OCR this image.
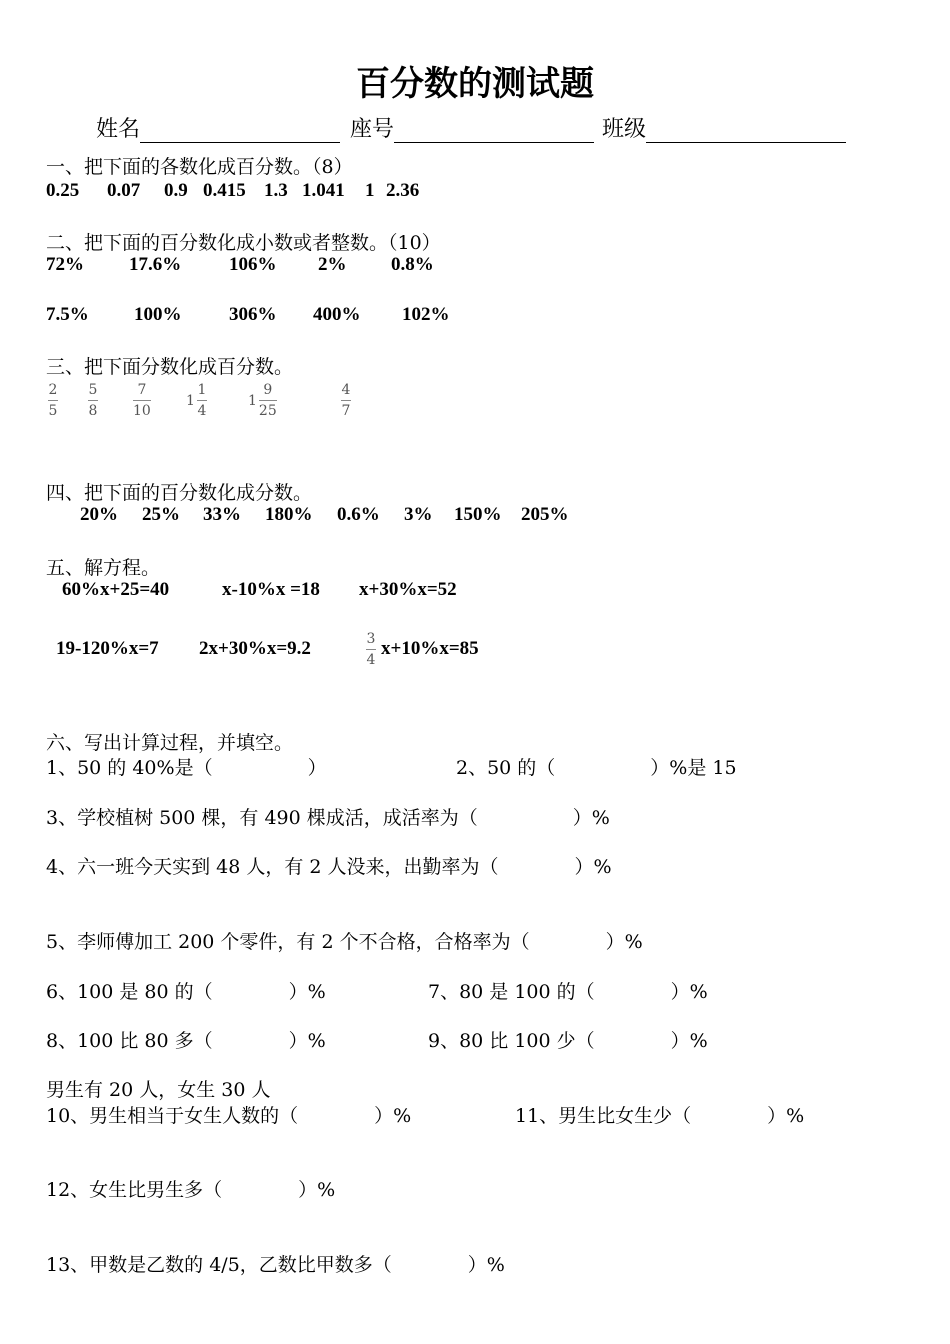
百分数的测试题
姓名	座号	班级
一、把下面的各数化成百分数。（8）
0.25 0.07 0.9 0.415 1.3 1.041 1 2.36
二、把下面的百分数化成小数或者整数。（10）
72% 17.6%	106% 2% 0.8%
7.5% 100%	306% 400% 102%
三、把下面分数化成百分数。
$\frac{2}{5} \frac{5}{8}$	$\frac{7}{10}$	$1 \frac{1}{4}$	$1 \frac{9}{25}$	$\frac{4}{7}$
四、把下面的百分数化成分数。
20% 25% 33% 180% 0.6% 3% 150% 205%
五、解方程。
60%x+25=40	x-10%x =18 x+30%x=52
19-120%x=7 2x+30%x=9.2	$\frac{3}{4} x+10\%x=85$
六、写出计算过程，并填空。
1、50 的 40%是（　　　　　）	2、50 的（　　　　　）%是 15
3、学校植树 500 棵，有 490 棵成活，成活率为（　　　　　）%
4、六一班今天实到 48 人，有 2 人没来，出勤率为（　　　　）%
5、李师傅加工 200 个零件，有 2 个不合格，合格率为（　　　　）%
6、100 是 80 的（　　　　）%	7、80 是 100 的（　　　　）%
8、100 比 80 多（　　　　）%	9、80 比 100 少（　　　　）%
男生有 20 人，女生 30 人
10、男生相当于女生人数的（　　　　）%	11、男生比女生少（　　　　）%
12、女生比男生多（　　　　）%
13、甲数是乙数的 4/5，乙数比甲数多（　　　　）%
